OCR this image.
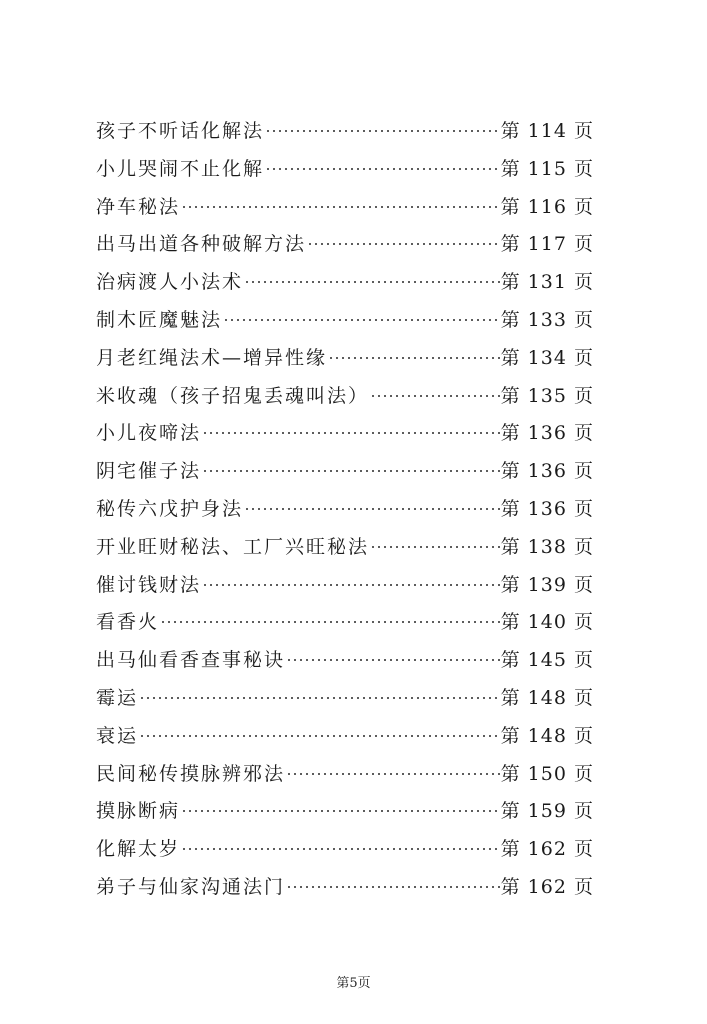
孩子不听话化解法	第 114 页
小儿哭闹不止化解	第 115 页
净车秘法	第 116 页
出马出道各种破解方法	第 117 页
治病渡人小法术	第 131 页
制木匠魔魅法	第 133 页
月老红绳法术—增异性缘	第 134 页
米收魂（孩子招鬼丢魂叫法）	第 135 页
小儿夜啼法	第 136 页
阴宅催子法	第 136 页
秘传六戊护身法	第 136 页
开业旺财秘法、工厂兴旺秘法	第 138 页
催讨钱财法	第 139 页
看香火	第 140 页
出马仙看香查事秘诀	第 145 页
霉运	第 148 页
衰运	第 148 页
民间秘传摸脉辨邪法	第 150 页
摸脉断病	第 159 页
化解太岁	第 162 页
弟子与仙家沟通法门	第 162 页
第5页
